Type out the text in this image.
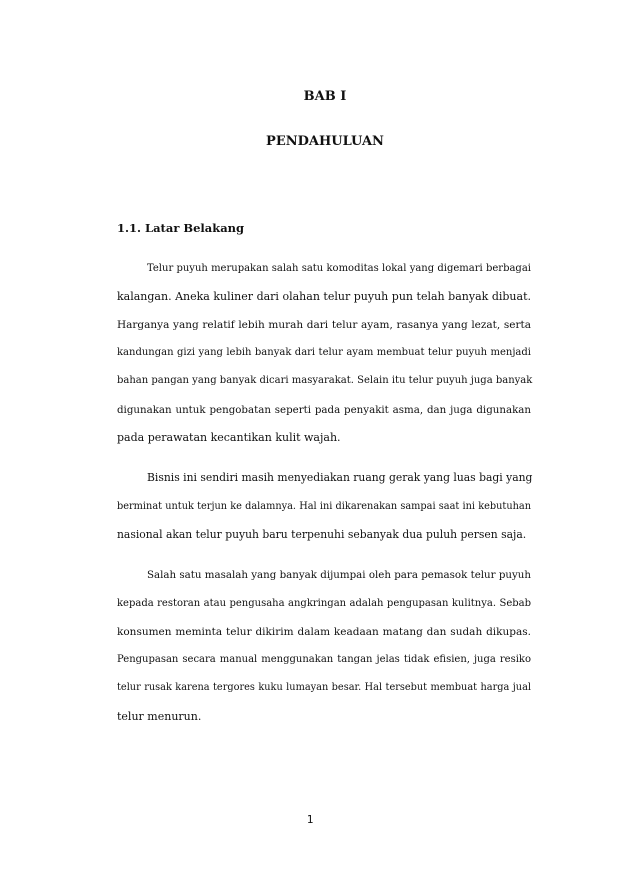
BAB I
PENDAHULUAN
1.1. Latar Belakang
Telur puyuh merupakan salah satu komoditas lokal yang digemari berbagai
kalangan. Aneka kuliner dari olahan telur puyuh pun telah banyak dibuat.
Harganya yang relatif lebih murah dari telur ayam, rasanya yang lezat, serta
kandungan gizi yang lebih banyak dari telur ayam membuat telur puyuh menjadi
bahan pangan yang banyak dicari masyarakat. Selain itu telur puyuh juga banyak
digunakan untuk pengobatan seperti pada penyakit asma, dan juga digunakan
pada perawatan kecantikan kulit wajah.
Bisnis ini sendiri masih menyediakan ruang gerak yang luas bagi yang
berminat untuk terjun ke dalamnya. Hal ini dikarenakan sampai saat ini kebutuhan
nasional akan telur puyuh baru terpenuhi sebanyak dua puluh persen saja.
Salah satu masalah yang banyak dijumpai oleh para pemasok telur puyuh
kepada restoran atau pengusaha angkringan adalah pengupasan kulitnya. Sebab
konsumen meminta telur dikirim dalam keadaan matang dan sudah dikupas.
Pengupasan secara manual menggunakan tangan jelas tidak efisien, juga resiko
telur rusak karena tergores kuku lumayan besar. Hal tersebut membuat harga jual
telur menurun.
1
